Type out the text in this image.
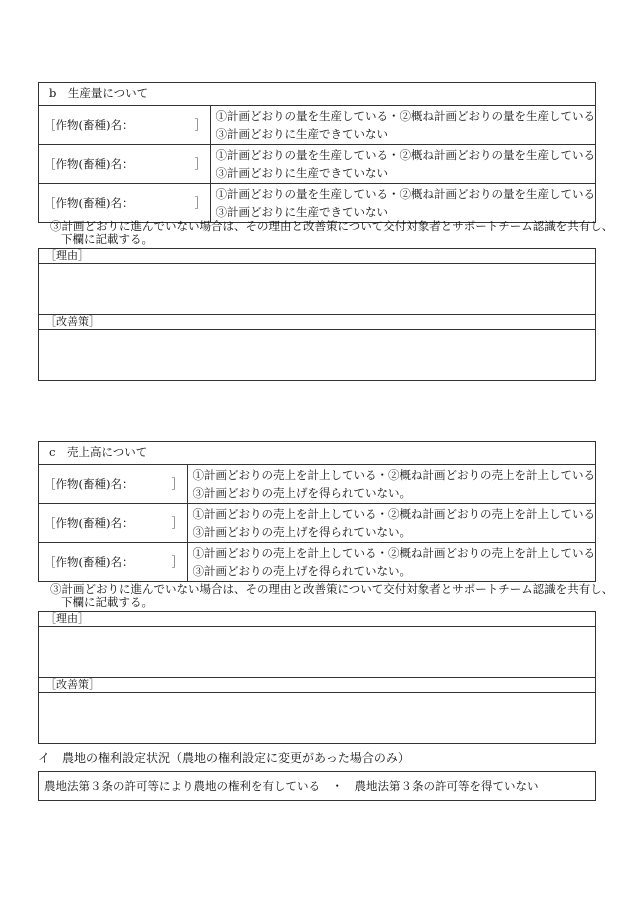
b　生産量について
［作物(畜種)名：	］
①計画どおりの量を生産している・②概ね計画どおりの量を生産している
③計画どおりに生産できていない
［作物(畜種)名：	］
①計画どおりの量を生産している・②概ね計画どおりの量を生産している
③計画どおりに生産できていない
［作物(畜種)名：	］
①計画どおりの量を生産している・②概ね計画どおりの量を生産している
③計画どおりに生産できていない
③計画どおりに進んでいない場合は、その理由と改善策について交付対象者とサポートチーム認識を共有し、
下欄に記載する。
［理由］
［改善策］
c　売上高について
［作物(畜種)名：	］
①計画どおりの売上を計上している・②概ね計画どおりの売上を計上している
③計画どおりの売上げを得られていない。
［作物(畜種)名：	］
①計画どおりの売上を計上している・②概ね計画どおりの売上を計上している
③計画どおりの売上げを得られていない。
［作物(畜種)名：	］
①計画どおりの売上を計上している・②概ね計画どおりの売上を計上している
③計画どおりの売上げを得られていない。
③計画どおりに進んでいない場合は、その理由と改善策について交付対象者とサポートチーム認識を共有し、
下欄に記載する。
［理由］
［改善策］
イ　農地の権利設定状況（農地の権利設定に変更があった場合のみ）
農地法第３条の許可等により農地の権利を有している　・　農地法第３条の許可等を得ていない
